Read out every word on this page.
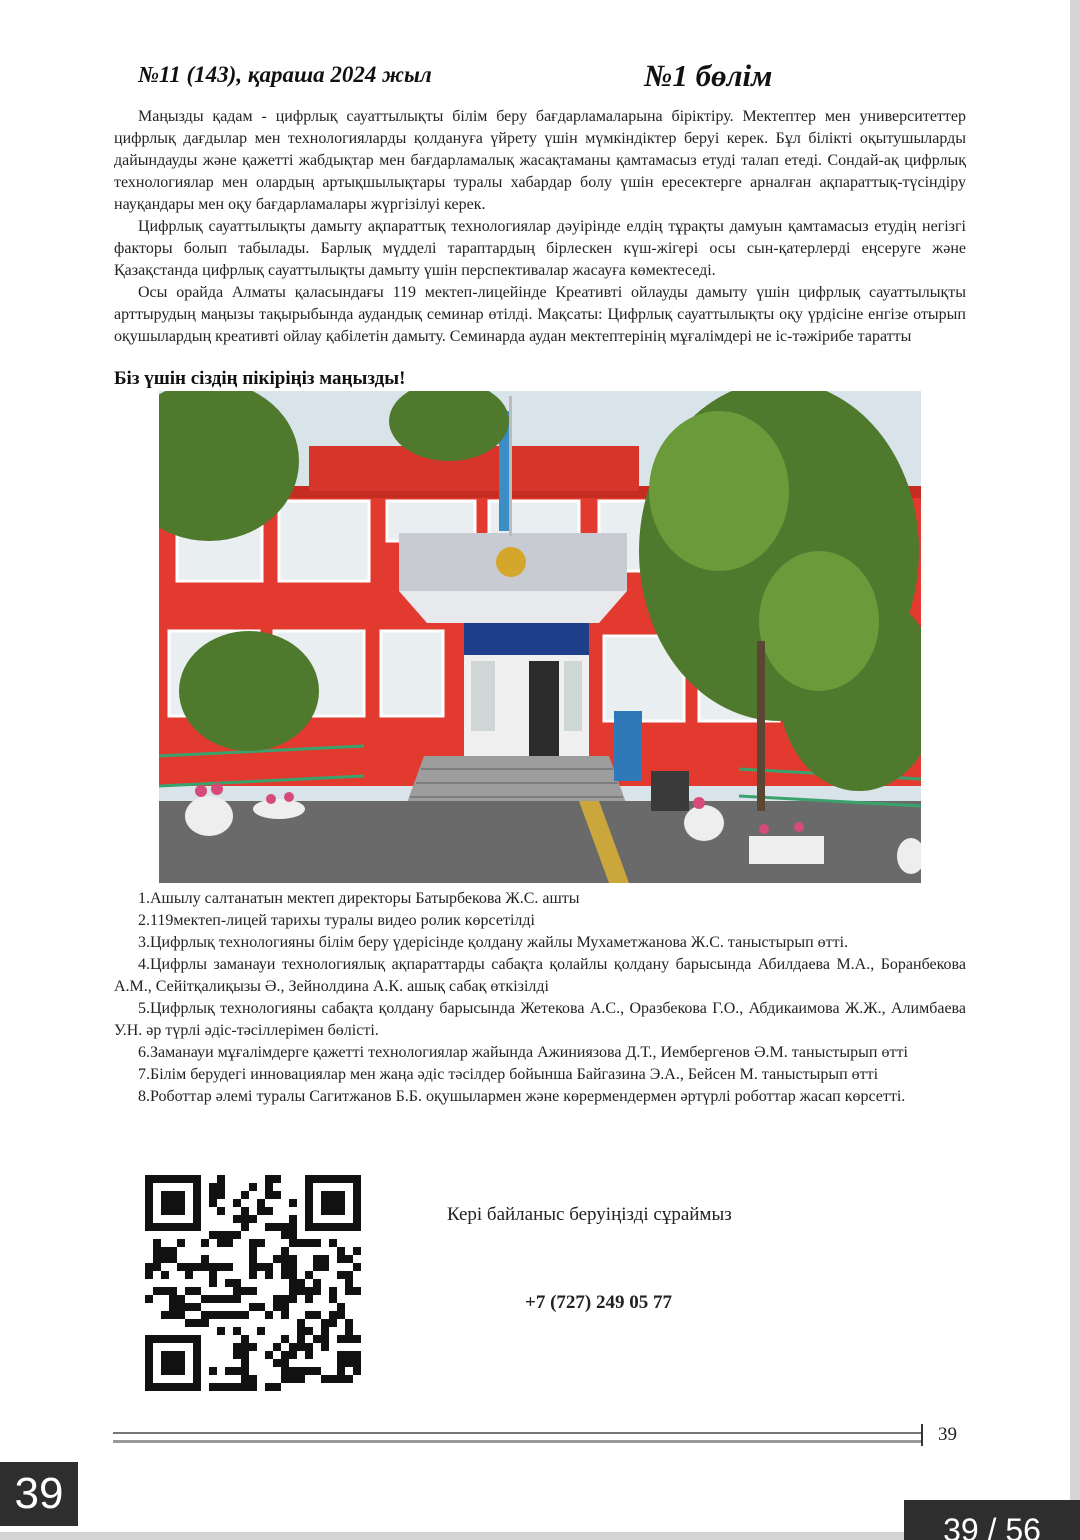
№11 (143), қараша 2024 жыл	№1 бөлім

Маңызды қадам - цифрлық сауаттылықты білім беру бағдарламаларына біріктіру. Мектептер мен университеттер цифрлық дағдылар мен технологияларды қолдануға үйрету үшін мүмкіндіктер беруі керек. Бұл білікті оқытушыларды дайындауды және қажетті жабдықтар мен бағдарламалық жасақтаманы қамтамасыз етуді талап етеді. Сондай-ақ цифрлық технологиялар мен олардың артықшылықтары туралы хабардар болу үшін ересектерге арналған ақпараттық-түсіндіру науқандары мен оқу бағдарламалары жүргізілуі керек.

Цифрлық сауаттылықты дамыту ақпараттық технологиялар дәуірінде елдің тұрақты дамуын қамтамасыз етудің негізгі факторы болып табылады. Барлық мүдделі тараптардың бірлескен күш-жігері осы сын-қатерлерді еңсеруге және Қазақстанда цифрлық сауаттылықты дамыту үшін перспективалар жасауға көмектеседі.

Осы орайда Алматы қаласындағы 119 мектеп-лицейінде Креативті ойлауды дамыту үшін цифрлық сауаттылықты арттырудың маңызы тақырыбында аудандық семинар өтілді. Мақсаты: Цифрлық сауаттылықты оқу үрдісіне енгізе отырып оқушылардың креативті ойлау қабілетін дамыту. Семинарда аудан мектептерінің мұғалімдері не іс-тәжірибе таратты

Біз үшін сіздің пікіріңіз маңызды!

1.Ашылу салтанатын мектеп директоры Батырбекова Ж.С. ашты

2.119мектеп-лицей тарихы туралы видео ролик көрсетілді

3.Цифрлық технологияны білім беру үдерісінде қолдану жайлы Мухаметжанова Ж.С. таныстырып өтті.

4.Цифрлы заманауи технологиялық ақпараттарды сабақта қолайлы қолдану барысында Абилдаева М.А., Боранбекова А.М., Сейітқалиқызы Ә., Зейнолдина А.К. ашық сабақ өткізілді

5.Цифрлық технологияны сабақта қолдану барысында Жетекова А.С., Оразбекова Г.О., Абдикаимова Ж.Ж., Алимбаева У.Н. әр түрлі әдіс-тәсіллерімен бөлісті.

6.Заманауи мұғалімдерге қажетті технологиялар жайында Ажиниязова Д.Т., Иембергенов Ә.М. таныстырып өтті

7.Білім берудегі инновациялар мен жаңа әдіс тәсілдер бойынша Байгазина Э.А., Бейсен М. таныстырып өтті

8.Роботтар әлемі туралы Сагитжанов Б.Б. оқушылармен және көрермендермен әртүрлі роботтар жасап көрсетті.

Кері байланыс беруіңізді сұраймыз
+7 (727) 249 05 77
39
39
39 / 56
